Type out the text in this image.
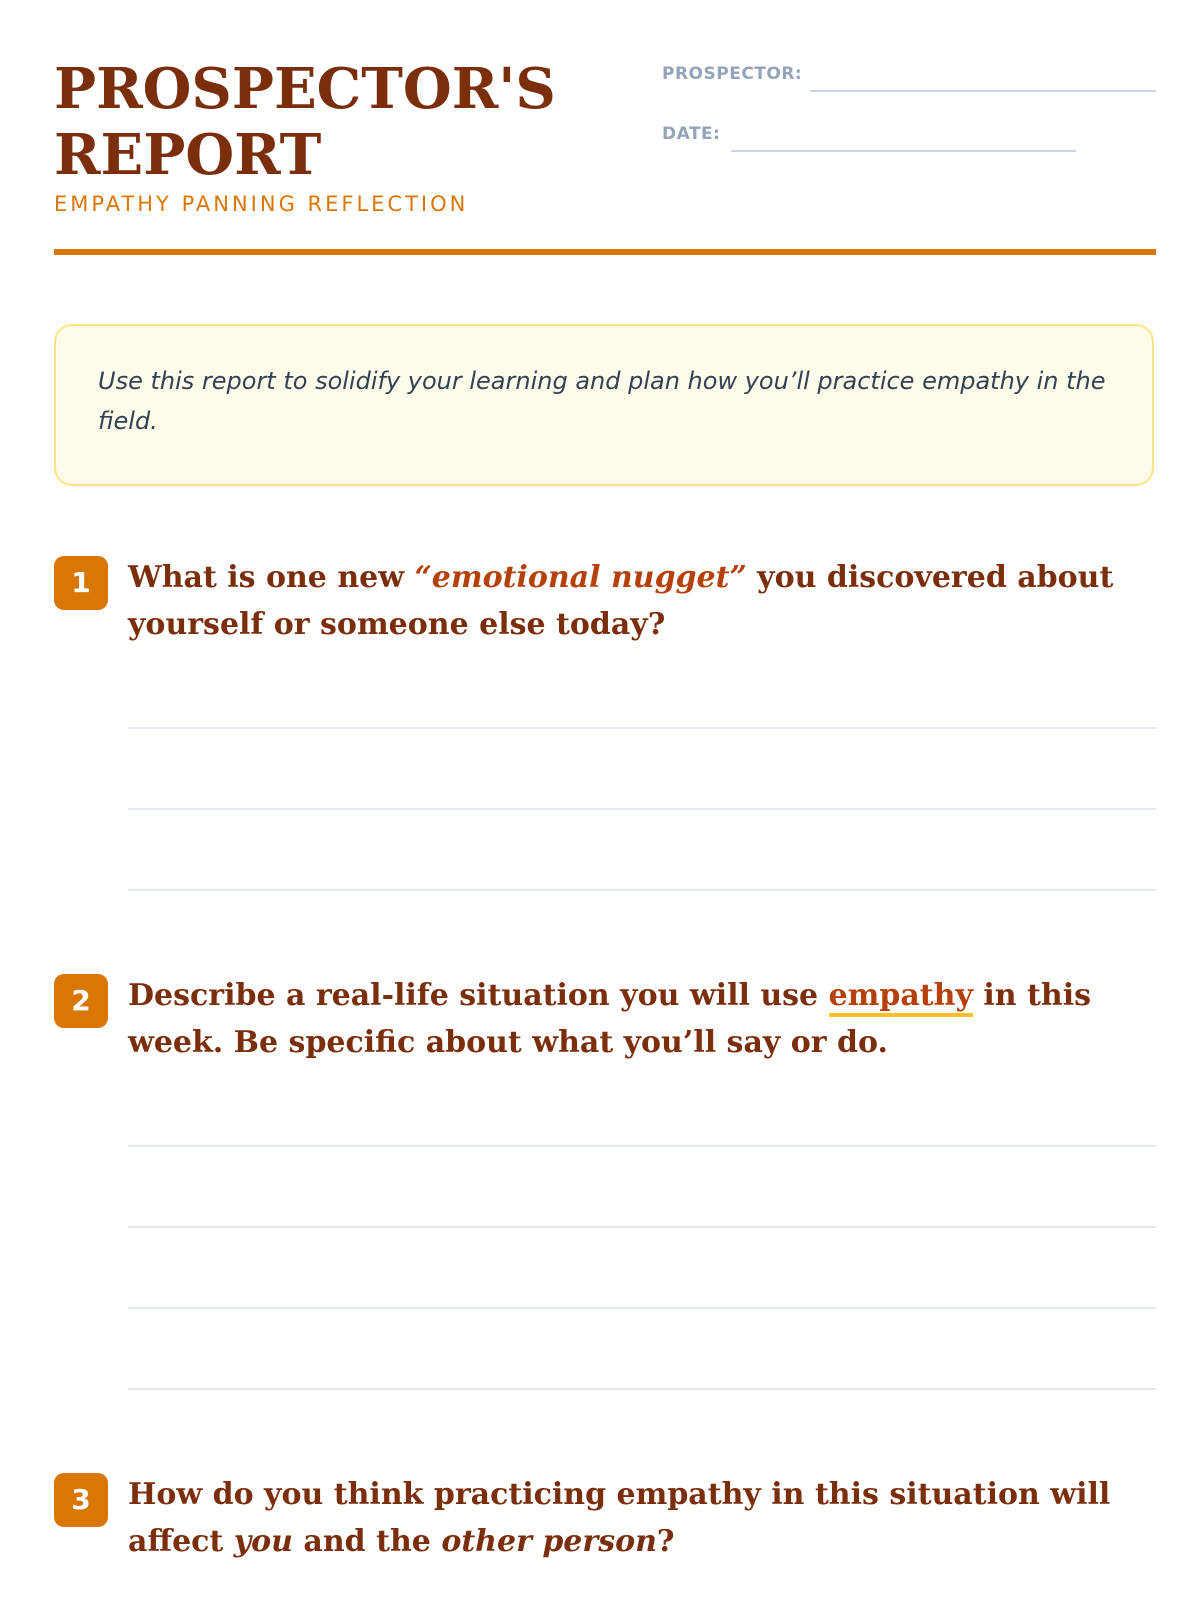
PROSPECTOR'S
REPORT
EMPATHY PANNING REFLECTION
PROSPECTOR:
DATE:

Use this report to solidify your learning and plan how you’ll practice empathy in the field.

1	What is one new “emotional nugget” you discovered about yourself or someone else today?

2	Describe a real-life situation you will use empathy in this week. Be specific about what you’ll say or do.

3	How do you think practicing empathy in this situation will affect you and the other person?
